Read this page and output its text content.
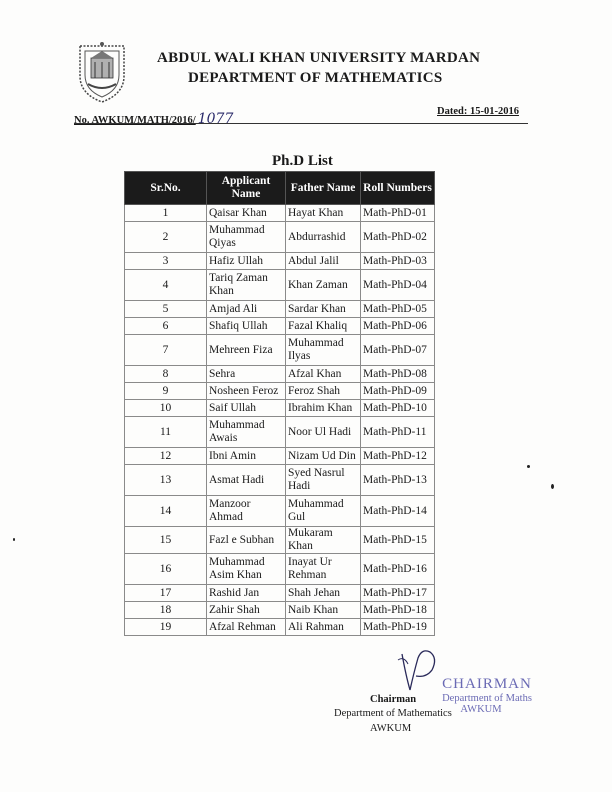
ABDUL WALI KHAN UNIVERSITY MARDAN
DEPARTMENT OF MATHEMATICS
No. AWKUM/MATH/2016/ 1077	Dated: 15-01-2016
Ph.D List
Sr.No.	Applicant Name	Father Name	Roll Numbers
1	Qaisar Khan	Hayat Khan	Math-PhD-01
2	Muhammad Qiyas	Abdurrashid	Math-PhD-02
3	Hafiz Ullah	Abdul Jalil	Math-PhD-03
4	Tariq Zaman Khan	Khan Zaman	Math-PhD-04
5	Amjad Ali	Sardar Khan	Math-PhD-05
6	Shafiq Ullah	Fazal Khaliq	Math-PhD-06
7	Mehreen Fiza	Muhammad Ilyas	Math-PhD-07
8	Sehra	Afzal Khan	Math-PhD-08
9	Nosheen Feroz	Feroz Shah	Math-PhD-09
10	Saif Ullah	Ibrahim Khan	Math-PhD-10
11	Muhammad Awais	Noor Ul Hadi	Math-PhD-11
12	Ibni Amin	Nizam Ud Din	Math-PhD-12
13	Asmat Hadi	Syed Nasrul Hadi	Math-PhD-13
14	Manzoor Ahmad	Muhammad Gul	Math-PhD-14
15	Fazl e Subhan	Mukaram Khan	Math-PhD-15
16	Muhammad Asim Khan	Inayat Ur Rehman	Math-PhD-16
17	Rashid Jan	Shah Jehan	Math-PhD-17
18	Zahir Shah	Naib Khan	Math-PhD-18
19	Afzal Rehman	Ali Rahman	Math-PhD-19
CHAIRMAN
Department of Maths
AWKUM
Chairman
Department of Mathematics
AWKUM
